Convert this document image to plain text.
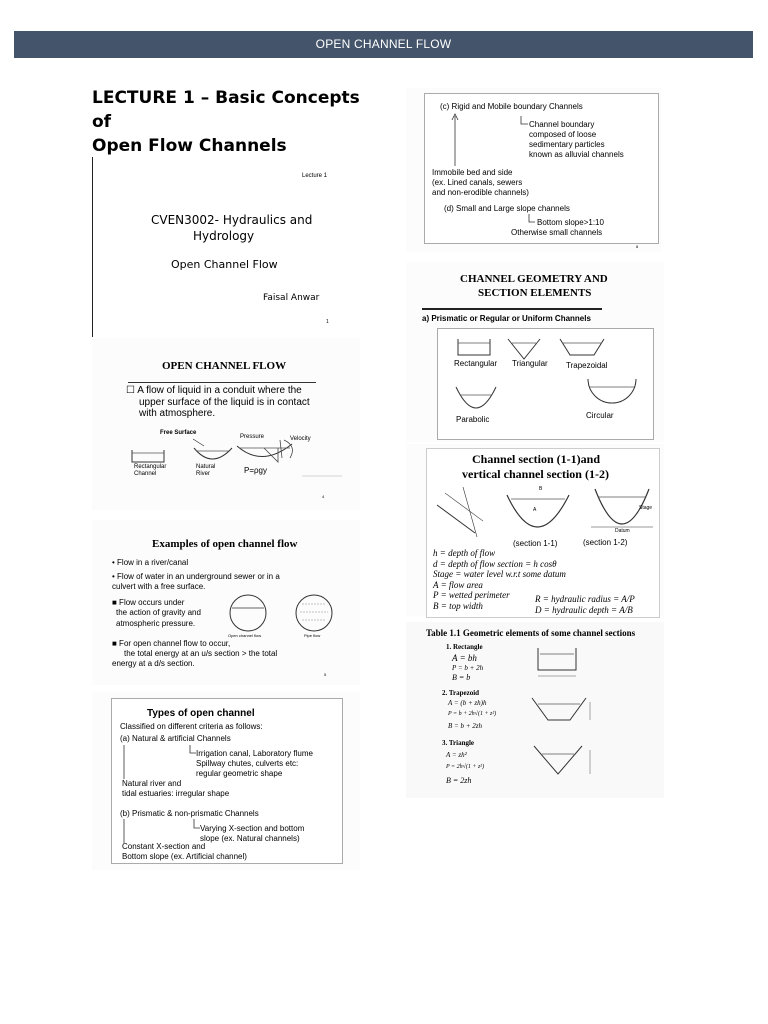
OPEN CHANNEL FLOW
LECTURE 1 – Basic Concepts of
Open Flow Channels
Lecture 1
CVEN3002- Hydraulics and
Hydrology
Open Channel Flow
Faisal Anwar
1
OPEN CHANNEL FLOW
☐ A flow of liquid in a conduit where the
upper surface of the liquid is in contact
with atmosphere.
Free Surface
Pressure	Velocity
Rectangular
Channel
Natural
River	P=ρgy
4
Examples of open channel flow
• Flow in a river/canal
• Flow of water in an underground sewer or in a
culvert with a free surface.
■ Flow occurs under
the action of gravity and
atmospheric pressure.
■ For open channel flow to occur,
the total energy at an u/s section > the total
energy at a d/s section.
Open channel flow	Pipe flow
5
Types of open channel
Classified on different criteria as follows:
(a) Natural & artificial Channels
Irrigation canal, Laboratory flume
Spillway chutes, culverts etc:
regular geometric shape
Natural river and
tidal estuaries: irregular shape
(b) Prismatic & non-prismatic Channels
Varying X-section and bottom
slope (ex. Natural channels)
Constant X-section and
Bottom slope (ex. Artificial channel)
(c) Rigid and Mobile boundary Channels
Channel boundary
composed of loose
sedimentary particles
known as alluvial channels
Immobile bed and side
(ex. Lined canals, sewers
and non-erodible channels)
(d) Small and Large slope channels
Bottom slope>1:10
Otherwise small channels
8
CHANNEL GEOMETRY AND
SECTION ELEMENTS
a) Prismatic or Regular or Uniform Channels
Rectangular Triangular Trapezoidal
Parabolic	Circular
Channel section (1-1)and
vertical channel section (1-2)
B
A	Stage
Datum
(section 1-1)	(section 1-2)
h = depth of flow
d = depth of flow section = h cosθ
Stage = water level w.r.t some datum
A = flow area
P = wetted perimeter
B = top width
R = hydraulic radius = A/P
D = hydraulic depth = A/B
Table 1.1 Geometric elements of some channel sections
1. Rectangle
A = bh
P = b + 2h
B = b
2. Trapezoid
A = (b + zh)h
P = b + 2h√(1 + z²)
B = b + 2zh
3. Triangle
A = zh²
P = 2h√(1 + z²)
B = 2zh
